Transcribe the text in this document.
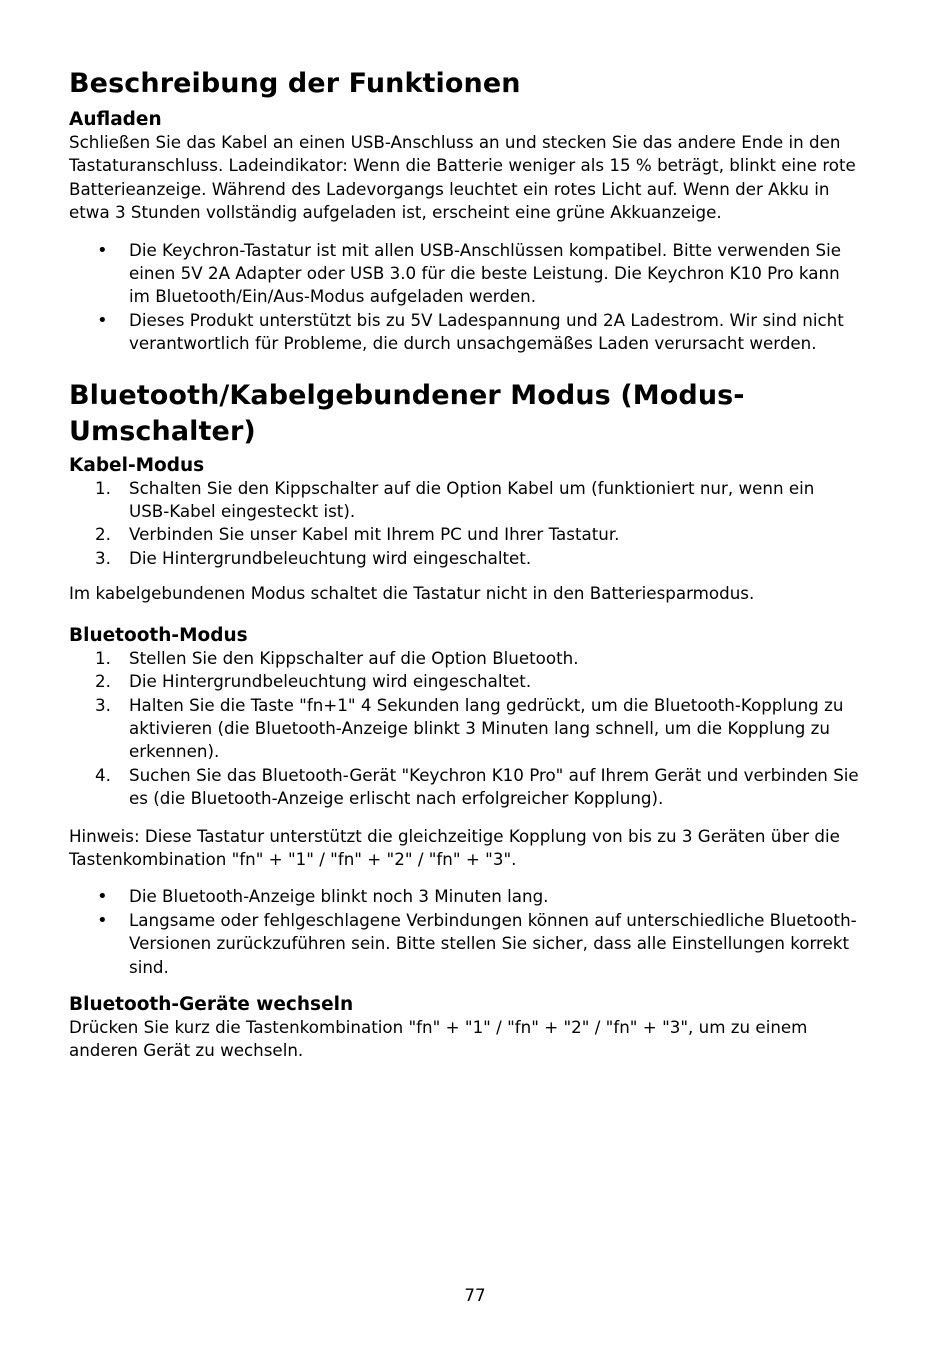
Beschreibung der Funktionen
Aufladen

Schließen Sie das Kabel an einen USB-Anschluss an und stecken Sie das andere Ende in den Tastaturanschluss. Ladeindikator: Wenn die Batterie weniger als 15 % beträgt, blinkt eine rote Batterieanzeige. Während des Ladevorgangs leuchtet ein rotes Licht auf. Wenn der Akku in etwa 3 Stunden vollständig aufgeladen ist, erscheint eine grüne Akkuanzeige.

• Die Keychron-Tastatur ist mit allen USB-Anschlüssen kompatibel. Bitte verwenden Sie einen 5V 2A Adapter oder USB 3.0 für die beste Leistung. Die Keychron K10 Pro kann im Bluetooth/Ein/Aus-Modus aufgeladen werden.
• Dieses Produkt unterstützt bis zu 5V Ladespannung und 2A Ladestrom. Wir sind nicht verantwortlich für Probleme, die durch unsachgemäßes Laden verursacht werden.
Bluetooth/Kabelgebundener Modus (Modus-
Umschalter)
Kabel-Modus
1. Schalten Sie den Kippschalter auf die Option Kabel um (funktioniert nur, wenn ein USB-Kabel eingesteckt ist).
2. Verbinden Sie unser Kabel mit Ihrem PC und Ihrer Tastatur.
3. Die Hintergrundbeleuchtung wird eingeschaltet.

Im kabelgebundenen Modus schaltet die Tastatur nicht in den Batteriesparmodus.

Bluetooth-Modus
1. Stellen Sie den Kippschalter auf die Option Bluetooth.
2. Die Hintergrundbeleuchtung wird eingeschaltet.
3. Halten Sie die Taste "fn+1" 4 Sekunden lang gedrückt, um die Bluetooth-Kopplung zu aktivieren (die Bluetooth-Anzeige blinkt 3 Minuten lang schnell, um die Kopplung zu erkennen).
4. Suchen Sie das Bluetooth-Gerät "Keychron K10 Pro" auf Ihrem Gerät und verbinden Sie es (die Bluetooth-Anzeige erlischt nach erfolgreicher Kopplung).

Hinweis: Diese Tastatur unterstützt die gleichzeitige Kopplung von bis zu 3 Geräten über die Tastenkombination "fn" + "1" / "fn" + "2" / "fn" + "3".

• Die Bluetooth-Anzeige blinkt noch 3 Minuten lang.
• Langsame oder fehlgeschlagene Verbindungen können auf unterschiedliche Bluetooth-Versionen zurückzuführen sein. Bitte stellen Sie sicher, dass alle Einstellungen korrekt sind.
Bluetooth-Geräte wechseln

Drücken Sie kurz die Tastenkombination "fn" + "1" / "fn" + "2" / "fn" + "3", um zu einem anderen Gerät zu wechseln.

77
